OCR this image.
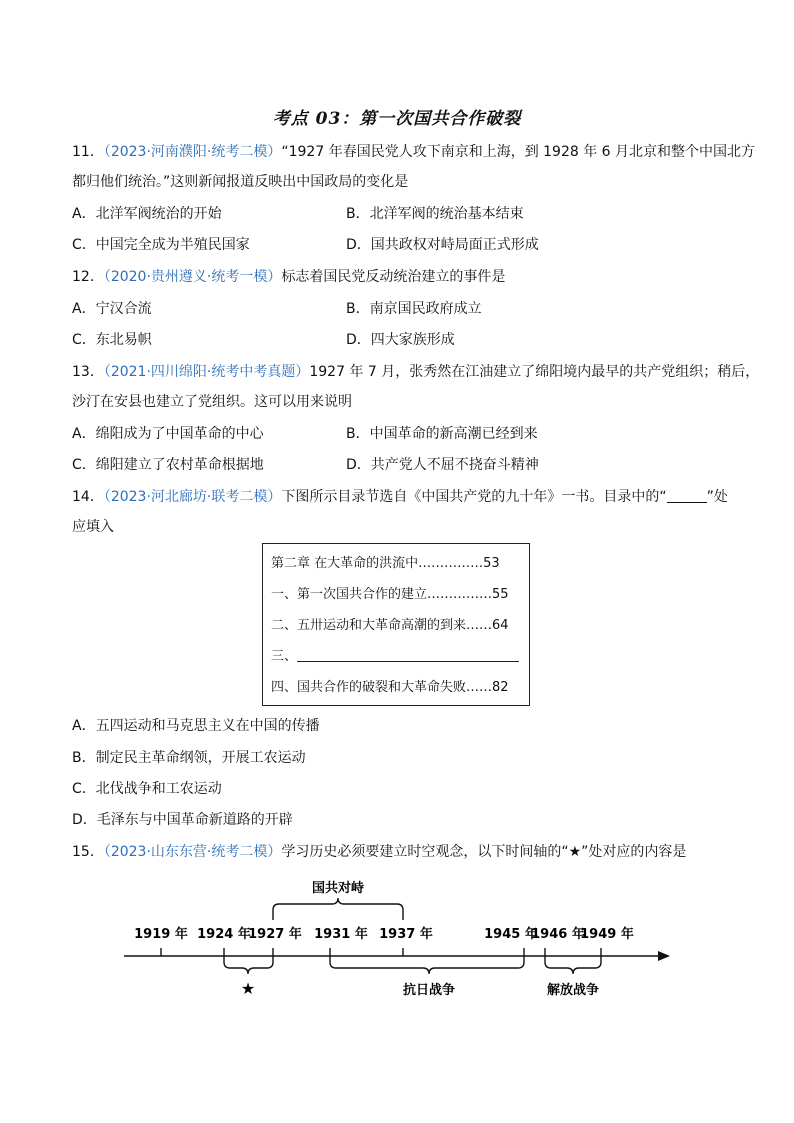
考点 03：第一次国共合作破裂
11．（2023·河南濮阳·统考二模）“1927 年春国民党人攻下南京和上海，到 1928 年 6 月北京和整个中国北方
都归他们统治。”这则新闻报道反映出中国政局的变化是
A．北洋军阀统治的开始	B．北洋军阀的统治基本结束
C．中国完全成为半殖民国家	D．国共政权对峙局面正式形成
12．（2020·贵州遵义·统考一模）标志着国民党反动统治建立的事件是
A．宁汉合流	B．南京国民政府成立
C．东北易帜	D．四大家族形成
13．（2021·四川绵阳·统考中考真题）1927 年 7 月，张秀然在江油建立了绵阳境内最早的共产党组织；稍后，
沙汀在安县也建立了党组织。这可以用来说明
A．绵阳成为了中国革命的中心	B．中国革命的新高潮已经到来
C．绵阳建立了农村革命根据地	D．共产党人不屈不挠奋斗精神
14．（2023·河北廊坊·联考二模）下图所示目录节选自《中国共产党的九十年》一书。目录中的“	”处
应填入
第二章 在大革命的洪流中……………53
一、第一次国共合作的建立……………55
二、五卅运动和大革命高潮的到来……64
三、
四、国共合作的破裂和大革命失败……82
A．五四运动和马克思主义在中国的传播
B．制定民主革命纲领，开展工农运动
C．北伐战争和工农运动
D．毛泽东与中国革命新道路的开辟
15．（2023·山东东营·统考二模）学习历史必须要建立时空观念，以下时间轴的“★”处对应的内容是
1919 年 1924 年
1927 年 1931 年 1937 年	1945 年
1946 年
1949 年
国共对峙
★	抗日战争	解放战争
